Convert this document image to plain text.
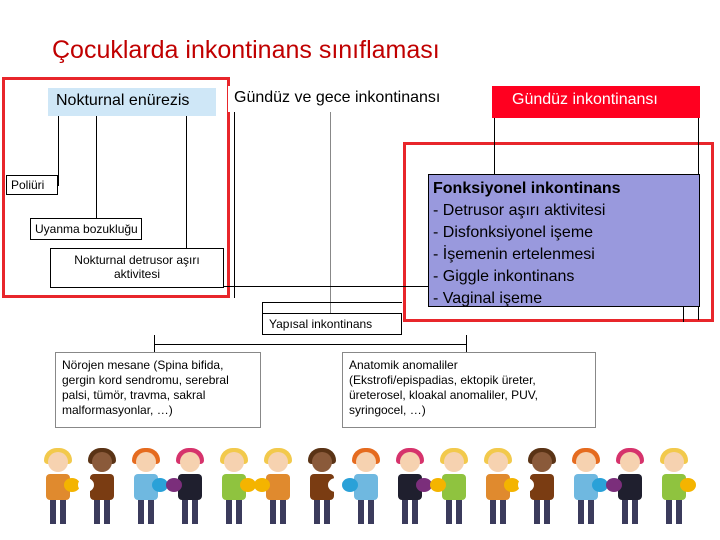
Çocuklarda inkontinans sınıflaması
Nokturnal enürezis	Gündüz ve gece inkontinansı	Gündüz inkontinansı
Poliüri
Uyanma bozukluğu
Nokturnal detrusor aşırı
aktivitesi
Fonksiyonel inkontinans
- Detrusor aşırı aktivitesi
- Disfonksiyonel işeme
- İşemenin ertelenmesi
- Giggle inkontinans
- Vaginal işeme
Yapısal inkontinans
Nörojen mesane (Spina bifida,
gergin kord sendromu, serebral
palsi, tümör, travma, sakral
malformasyonlar, …)
Anatomik anomaliler
(Ekstrofi/epispadias, ektopik üreter,
üreterosel, kloakal anomaliler, PUV,
syringocel, …)
